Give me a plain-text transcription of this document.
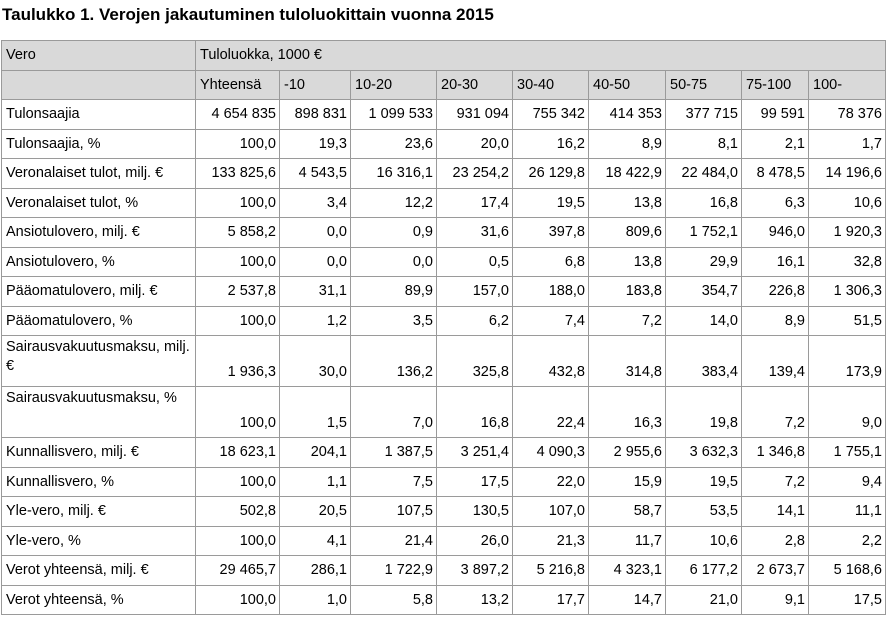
Taulukko 1. Verojen jakautuminen tuloluokittain vuonna 2015
Vero	Tuloluokka, 1000 €								
	Yhteensä	-10	10-20	20-30	30-40	40-50	50-75	75-100	100-
Tulonsaajia	4 654 835	898 831	1 099 533	931 094	755 342	414 353	377 715	99 591	78 376
Tulonsaajia, %	100,0	19,3	23,6	20,0	16,2	8,9	8,1	2,1	1,7
Veronalaiset tulot, milj. €	133 825,6	4 543,5	16 316,1	23 254,2	26 129,8	18 422,9	22 484,0	8 478,5	14 196,6
Veronalaiset tulot, %	100,0	3,4	12,2	17,4	19,5	13,8	16,8	6,3	10,6
Ansiotulovero, milj. €	5 858,2	0,0	0,9	31,6	397,8	809,6	1 752,1	946,0	1 920,3
Ansiotulovero, %	100,0	0,0	0,0	0,5	6,8	13,8	29,9	16,1	32,8
Pääomatulovero, milj. €	2 537,8	31,1	89,9	157,0	188,0	183,8	354,7	226,8	1 306,3
Pääomatulovero, %	100,0	1,2	3,5	6,2	7,4	7,2	14,0	8,9	51,5
Sairausvakuutusmaksu, milj. €	1 936,3	30,0	136,2	325,8	432,8	314,8	383,4	139,4	173,9
Sairausvakuutusmaksu, %	100,0	1,5	7,0	16,8	22,4	16,3	19,8	7,2	9,0
Kunnallisvero, milj. €	18 623,1	204,1	1 387,5	3 251,4	4 090,3	2 955,6	3 632,3	1 346,8	1 755,1
Kunnallisvero, %	100,0	1,1	7,5	17,5	22,0	15,9	19,5	7,2	9,4
Yle-vero, milj. €	502,8	20,5	107,5	130,5	107,0	58,7	53,5	14,1	11,1
Yle-vero, %	100,0	4,1	21,4	26,0	21,3	11,7	10,6	2,8	2,2
Verot yhteensä, milj. €	29 465,7	286,1	1 722,9	3 897,2	5 216,8	4 323,1	6 177,2	2 673,7	5 168,6
Verot yhteensä, %	100,0	1,0	5,8	13,2	17,7	14,7	21,0	9,1	17,5
